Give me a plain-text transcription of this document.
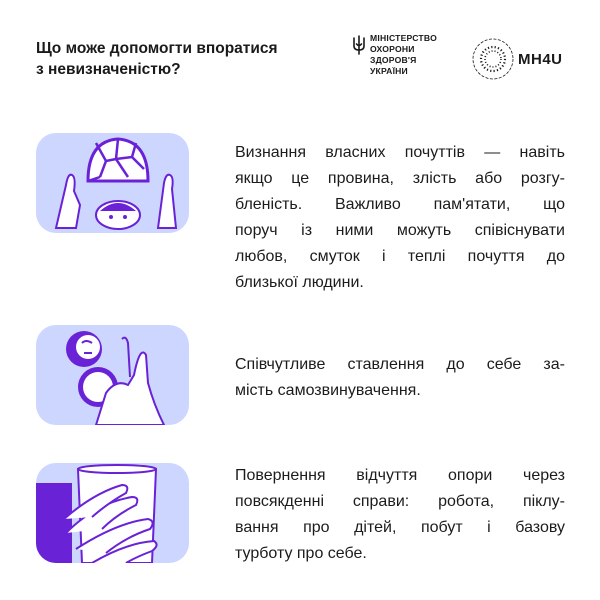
Що може допомогти впоратися
з невизначеністю?
МІНІСТЕРСТВО
ОХОРОНИ
ЗДОРОВ'Я
УКРАЇНИ
MH4U
Визнання власних почуттів — навіть
якщо це провина, злість або розгу-
бленість. Важливо пам'ятати, що
поруч із ними можуть співіснувати
любов, смуток і теплі почуття до
близької людини.
Співчутливе ставлення до себе за-
мість самозвинувачення.
Повернення відчуття опори через
повсякденні справи: робота, піклу-
вання про дітей, побут і базову
турботу про себе.
